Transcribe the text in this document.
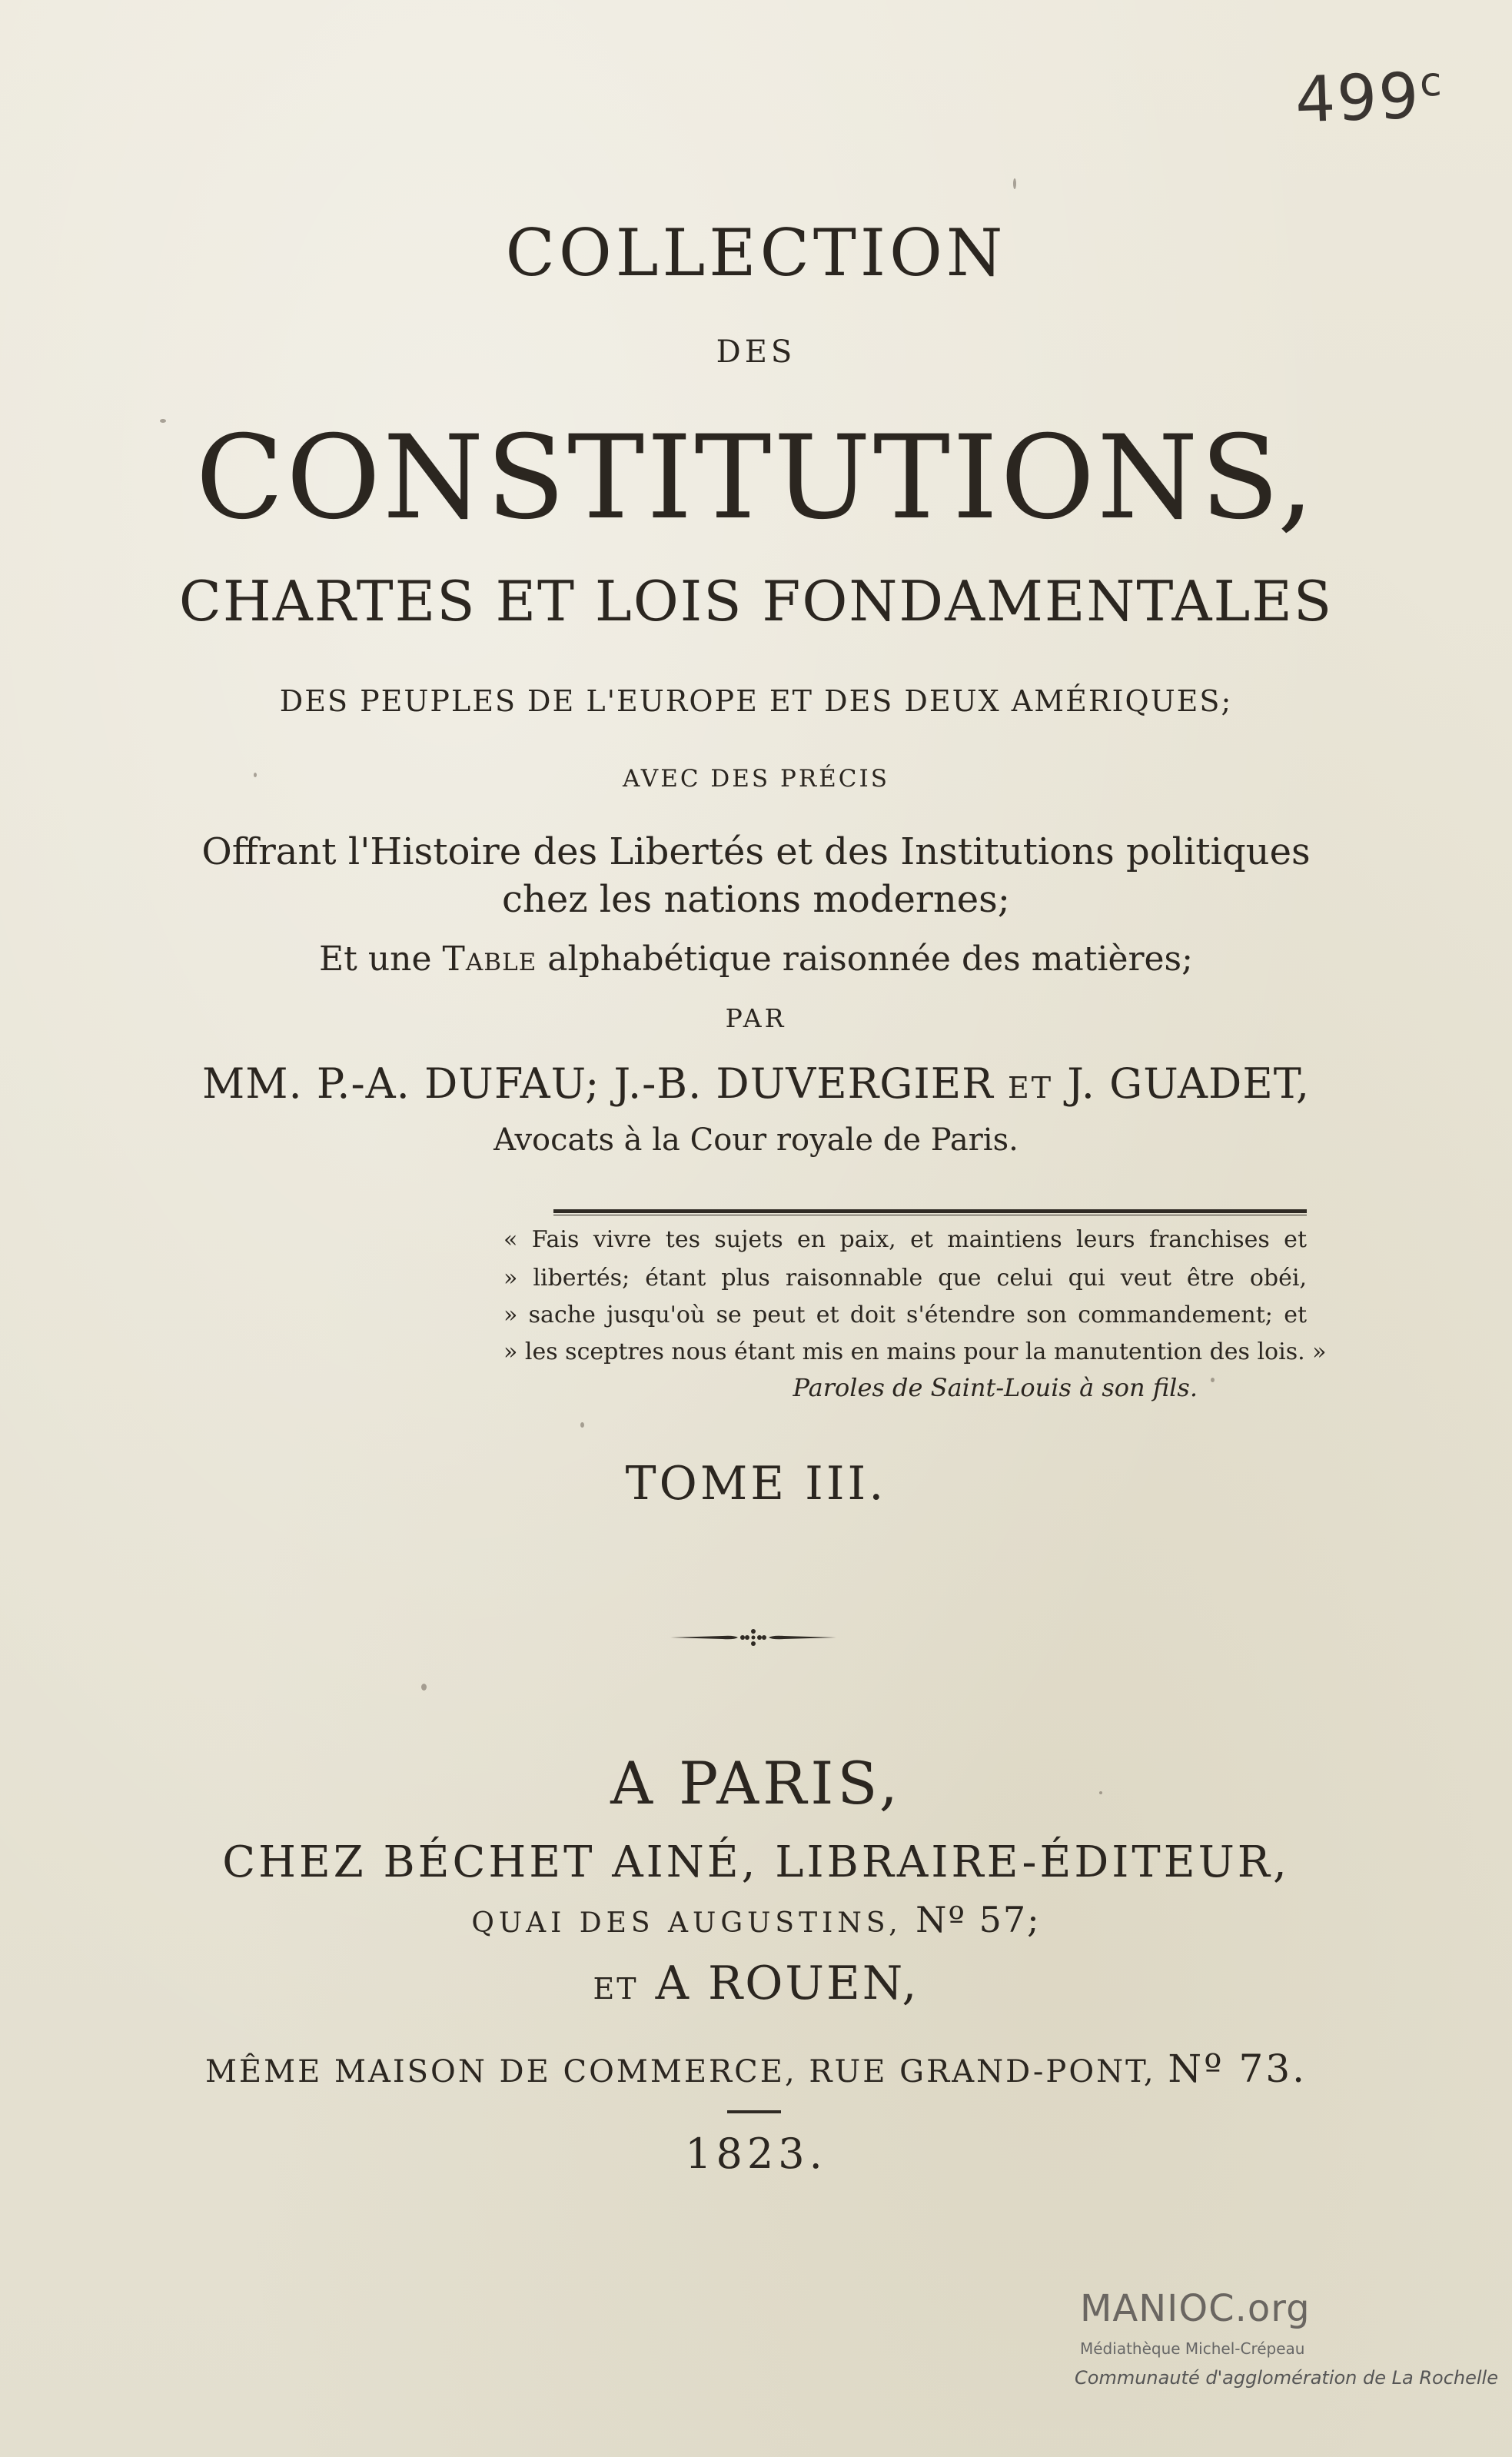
499$^c$
COLLECTION
DES
CONSTITUTIONS,
CHARTES ET LOIS FONDAMENTALES
DES PEUPLES DE L'EUROPE ET DES DEUX AMÉRIQUES;
AVEC DES PRÉCIS
Offrant l'Histoire des Libertés et des Institutions politiques
chez les nations modernes;
Et une Table alphabétique raisonnée des matières;
PAR
MM. P.-A. DUFAU; J.-B. DUVERGIER ET J. GUADET,
Avocats à la Cour royale de Paris.
« Fais vivre tes sujets en paix, et maintiens leurs franchises et
» libertés; étant plus raisonnable que celui qui veut être obéi,
» sache jusqu'où se peut et doit s'étendre son commandement; et
» les sceptres nous étant mis en mains pour la manutention des lois. »
Paroles de Saint-Louis à son fils.
TOME III.
A PARIS,
CHEZ BÉCHET AINÉ, LIBRAIRE-ÉDITEUR,
QUAI DES AUGUSTINS, Nº 57;
ET A ROUEN,
MÊME MAISON DE COMMERCE, RUE GRAND-PONT, Nº 73.
1823.
MANIOC.org
Médiathèque Michel-Crépeau
Communauté d'agglomération de La Rochelle
